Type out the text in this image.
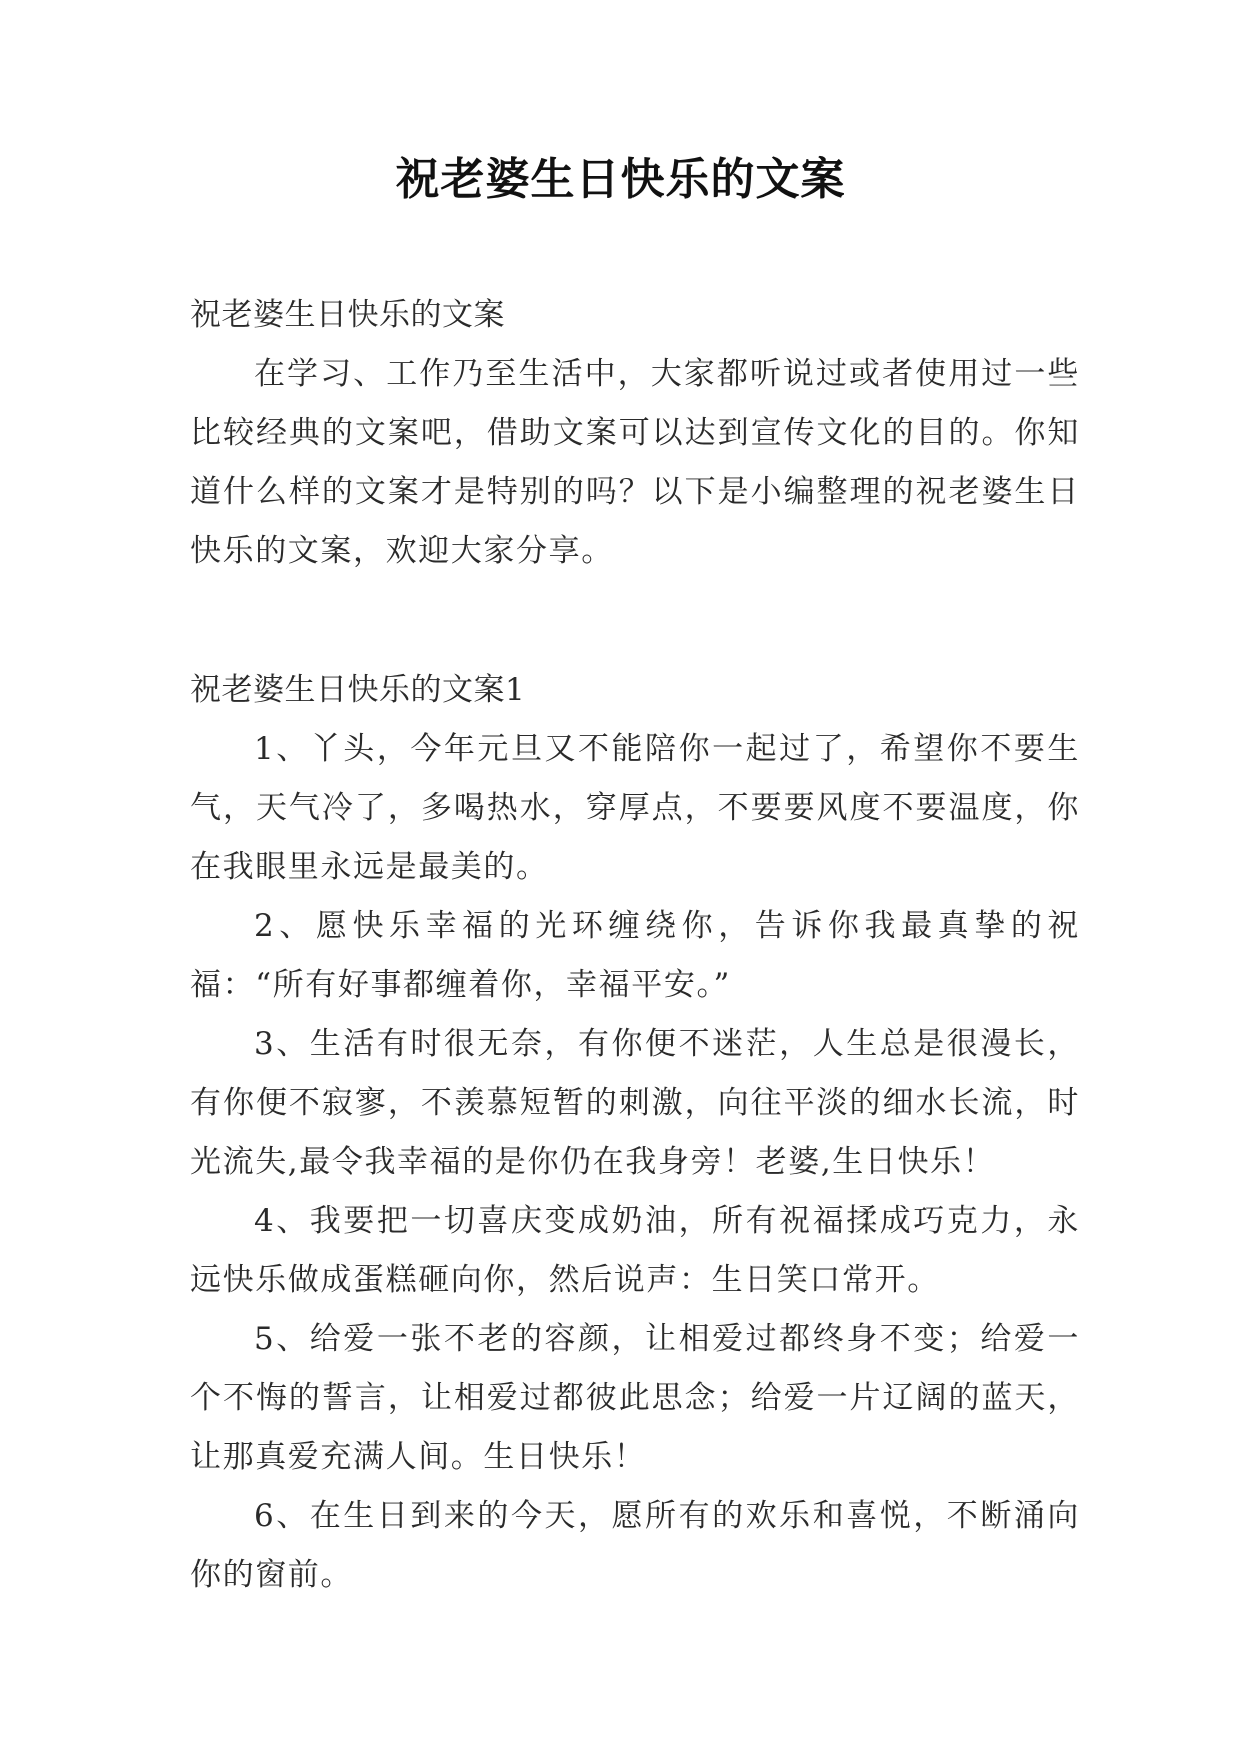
祝老婆生日快乐的文案

祝老婆生日快乐的文案

在学习、工作乃至生活中，大家都听说过或者使用过一些比较经典的文案吧，借助文案可以达到宣传文化的目的。你知道什么样的文案才是特别的吗？以下是小编整理的祝老婆生日快乐的文案，欢迎大家分享。

祝老婆生日快乐的文案1

1、丫头，今年元旦又不能陪你一起过了，希望你不要生气，天气冷了，多喝热水，穿厚点，不要要风度不要温度，你在我眼里永远是最美的。

2、愿快乐幸福的光环缠绕你，告诉你我最真挚的祝福：“所有好事都缠着你，幸福平安。”

3、生活有时很无奈，有你便不迷茫，人生总是很漫长，有你便不寂寥，不羡慕短暂的刺激，向往平淡的细水长流，时光流失,最令我幸福的是你仍在我身旁！老婆,生日快乐！

4、我要把一切喜庆变成奶油，所有祝福揉成巧克力，永远快乐做成蛋糕砸向你，然后说声：生日笑口常开。

5、给爱一张不老的容颜，让相爱过都终身不变；给爱一个不悔的誓言，让相爱过都彼此思念；给爱一片辽阔的蓝天，让那真爱充满人间。生日快乐！

6、在生日到来的今天，愿所有的欢乐和喜悦，不断涌向你的窗前。
